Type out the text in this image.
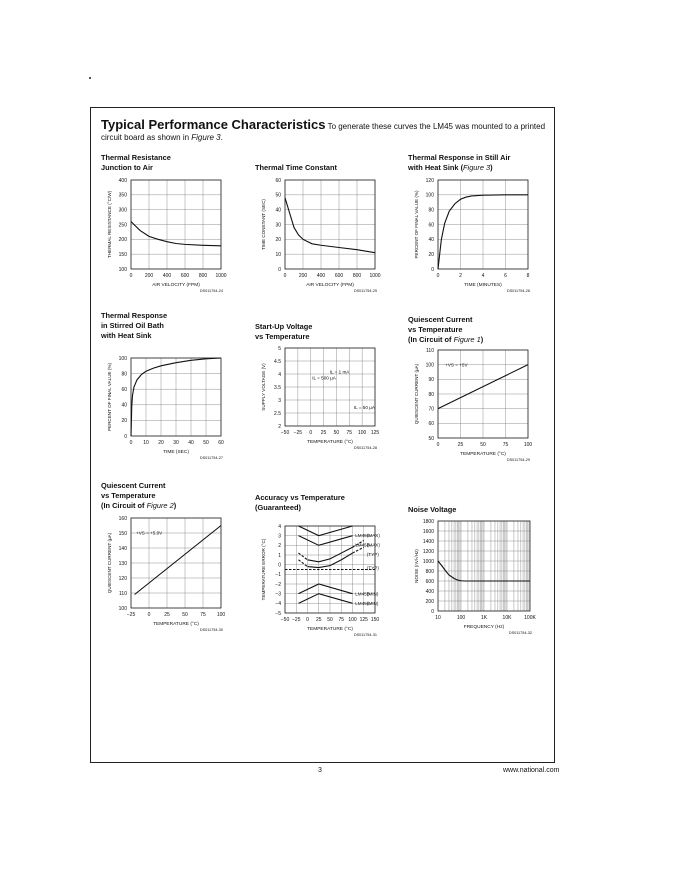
Typical Performance Characteristics To generate these curves the LM45 was mounted to a printed circuit board as shown in Figure 3.
Thermal Resistance
Junction to Air	Thermal Time Constant
Thermal Response in Still Air
with Heat Sink (Figure 3)
Thermal Response
in Stirred Oil Bath
with Heat Sink
Start-Up Voltage
vs Temperature
Quiescent Current
vs Temperature
(In Circuit of Figure 1)
Quiescent Current
vs Temperature
(In Circuit of Figure 2)
Accuracy vs Temperature
(Guaranteed)	Noise Voltage
0 200 400 600 800 1000
100
150
200
250
300
350
400
AIR VELOCITY (FPM)
THERMAL RESISTANCE (°C/W)
DS011754-24
0 200 400 600 800 1000
0
10
20
30
40
50
60
AIR VELOCITY (FPM)
TIME CONSTANT (SEC)
DS011754-25
0	2	4	6	8
0
20
40
60
80
100
120
TIME (MINUTES)
PERCENT OF FINAL VALUE (%)
DS011754-26
0 10 20 30 40 50 60
0
20
40
60
80
100
TIME (SEC)
PERCENT OF FINAL VALUE (%)
DS011754-27
−50 −25 0 25 50 75 100 125
2
2.5
3
3.5
4
4.5
5
TEMPERATURE (°C)
SUPPLY VOLTAGE (V)
DS011754-28
IL = 1 mA
IL = 500 µA
IL = 50 µA
0	25	50	75	100
50
60
70
80
90
100
110
TEMPERATURE (°C)
QUIESCENT CURRENT (µA)
DS011754-29
+VS = +5V
−25 0	25 50 75 100
100
110
120
130
140
150
160
TEMPERATURE (°C)
QUIESCENT CURRENT (µA)
DS011754-30
+VS = +5.0V
−50 −25 0 25 50 75 100 125 150
−5
−4
−3
−2
−1
0
1
2
3
4
TEMPERATURE (°C)
TEMPERATURE ERROR (°C)
DS011754-31
LM45C
LM45B
LM45B
LM45C
(MAX)
(MAX)
(TYP)
(TYP)
(MIN)
(MIN)
10	100	1K	10K	100K
0
200
400
600
800
1000
1200
1400
1600
1800
FREQUENCY (Hz)
NOISE (nV/√Hz)
DS011754-32
3	www.national.com
